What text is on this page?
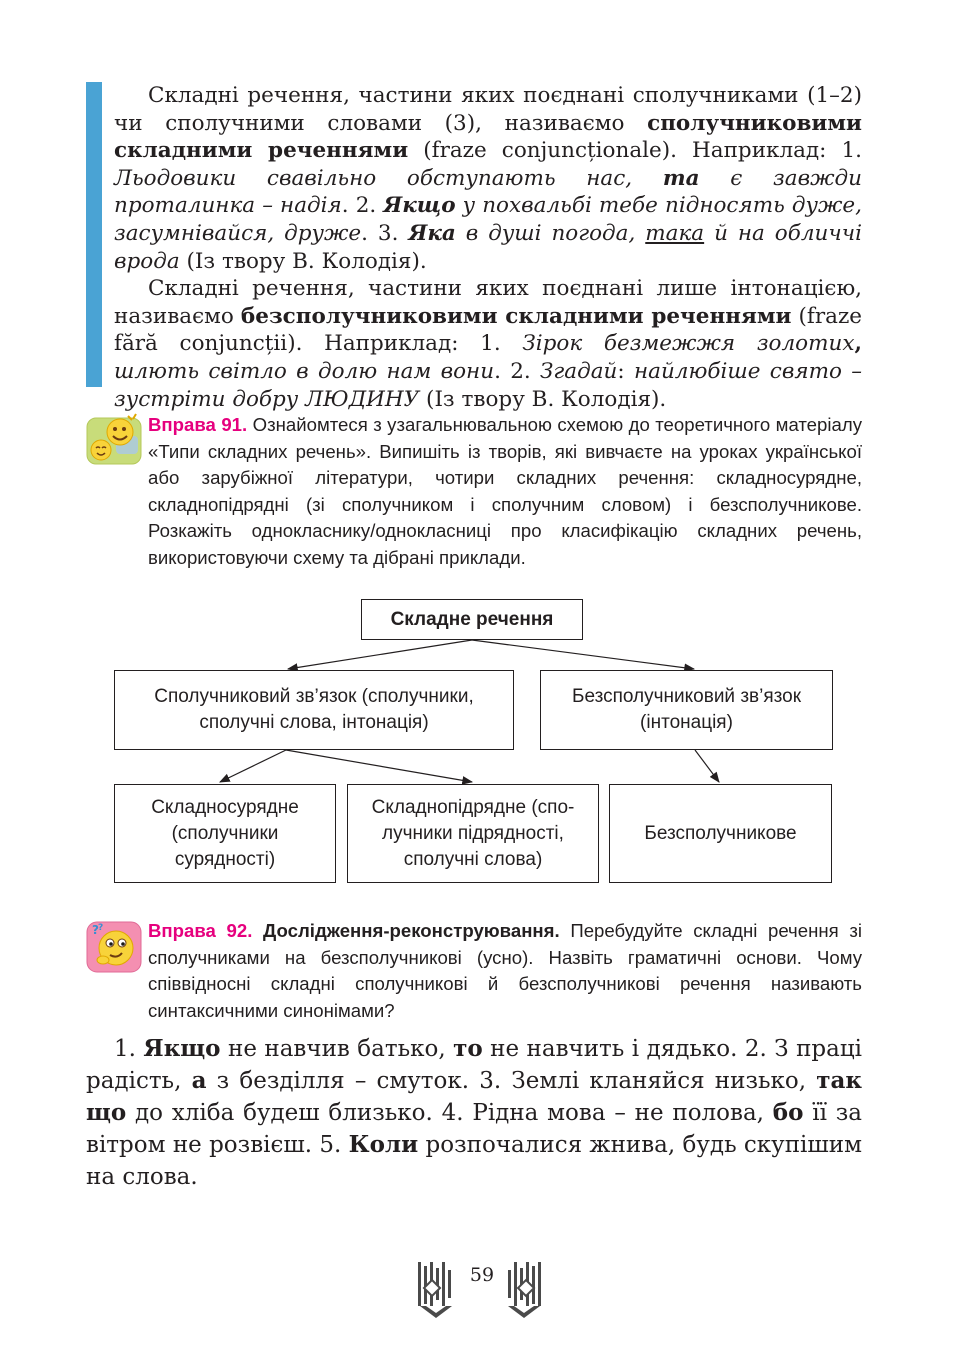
Складні речення, частини яких поєднані сполучниками (1–2) чи сполучними словами (3), називаємо сполучниковими складними реченнями (fraze conjuncționale). Наприклад: 1. Льодовики свавільно обступають нас, та є завжди проталинка – надія. 2. Якщо у похвальбі тебе підносять дуже, засумнівайся, друже. 3. Яка в душі погода, така й на обличчі врода (Із твору В. Колодія).

Складні речення, частини яких поєднані лише інтонацією, називаємо безсполучниковими складними реченнями (fraze fără conjuncții). Наприклад: 1. Зірок безмежжя золотих, шлють світло в долю нам вони. 2. Згадай: найлюбіше свято – зустріти добру ЛЮДИНУ (Із твору В. Колодія).

Вправа 91. Ознайомтеся з узагальнювальною схемою до теоретичного матеріалу «Типи складних речень». Випишіть із творів, які вивчаєте на уроках української або зарубіжної літератури, чотири складних речення: складносурядне, складнопідрядні (зі сполучником і сполучним словом) і безсполучникове. Розкажіть однокласнику/однокласниці про класифікацію складних речень, використовуючи схему та дібрані приклади.
Складне речення
Сполучниковий зв’язок (сполучники, сполучні слова, інтонація)
Безсполучниковий зв’язок (інтонація)
Складносурядне (сполучники сурядності)
Складнопідрядне (сполучники підрядності, сполучні слова)
Безсполучникове
? ? Вправа 92. Дослідження-реконструювання. Перебудуйте складні речення зі сполучниками на безсполучникові (усно). Назвіть граматичні основи. Чому співвідносні складні сполучникові й безсполучникові речення називають синтаксичними синонімами?

1. Якщо не навчив батько, то не навчить і дядько. 2. З праці радість, а з безділля – смуток. 3. Землі кланяйся низько, так що до хліба будеш близько. 4. Рідна мова – не полова, бо її за вітром не розвієш. 5. Коли розпочалися жнива, будь скупішим на слова.

59
